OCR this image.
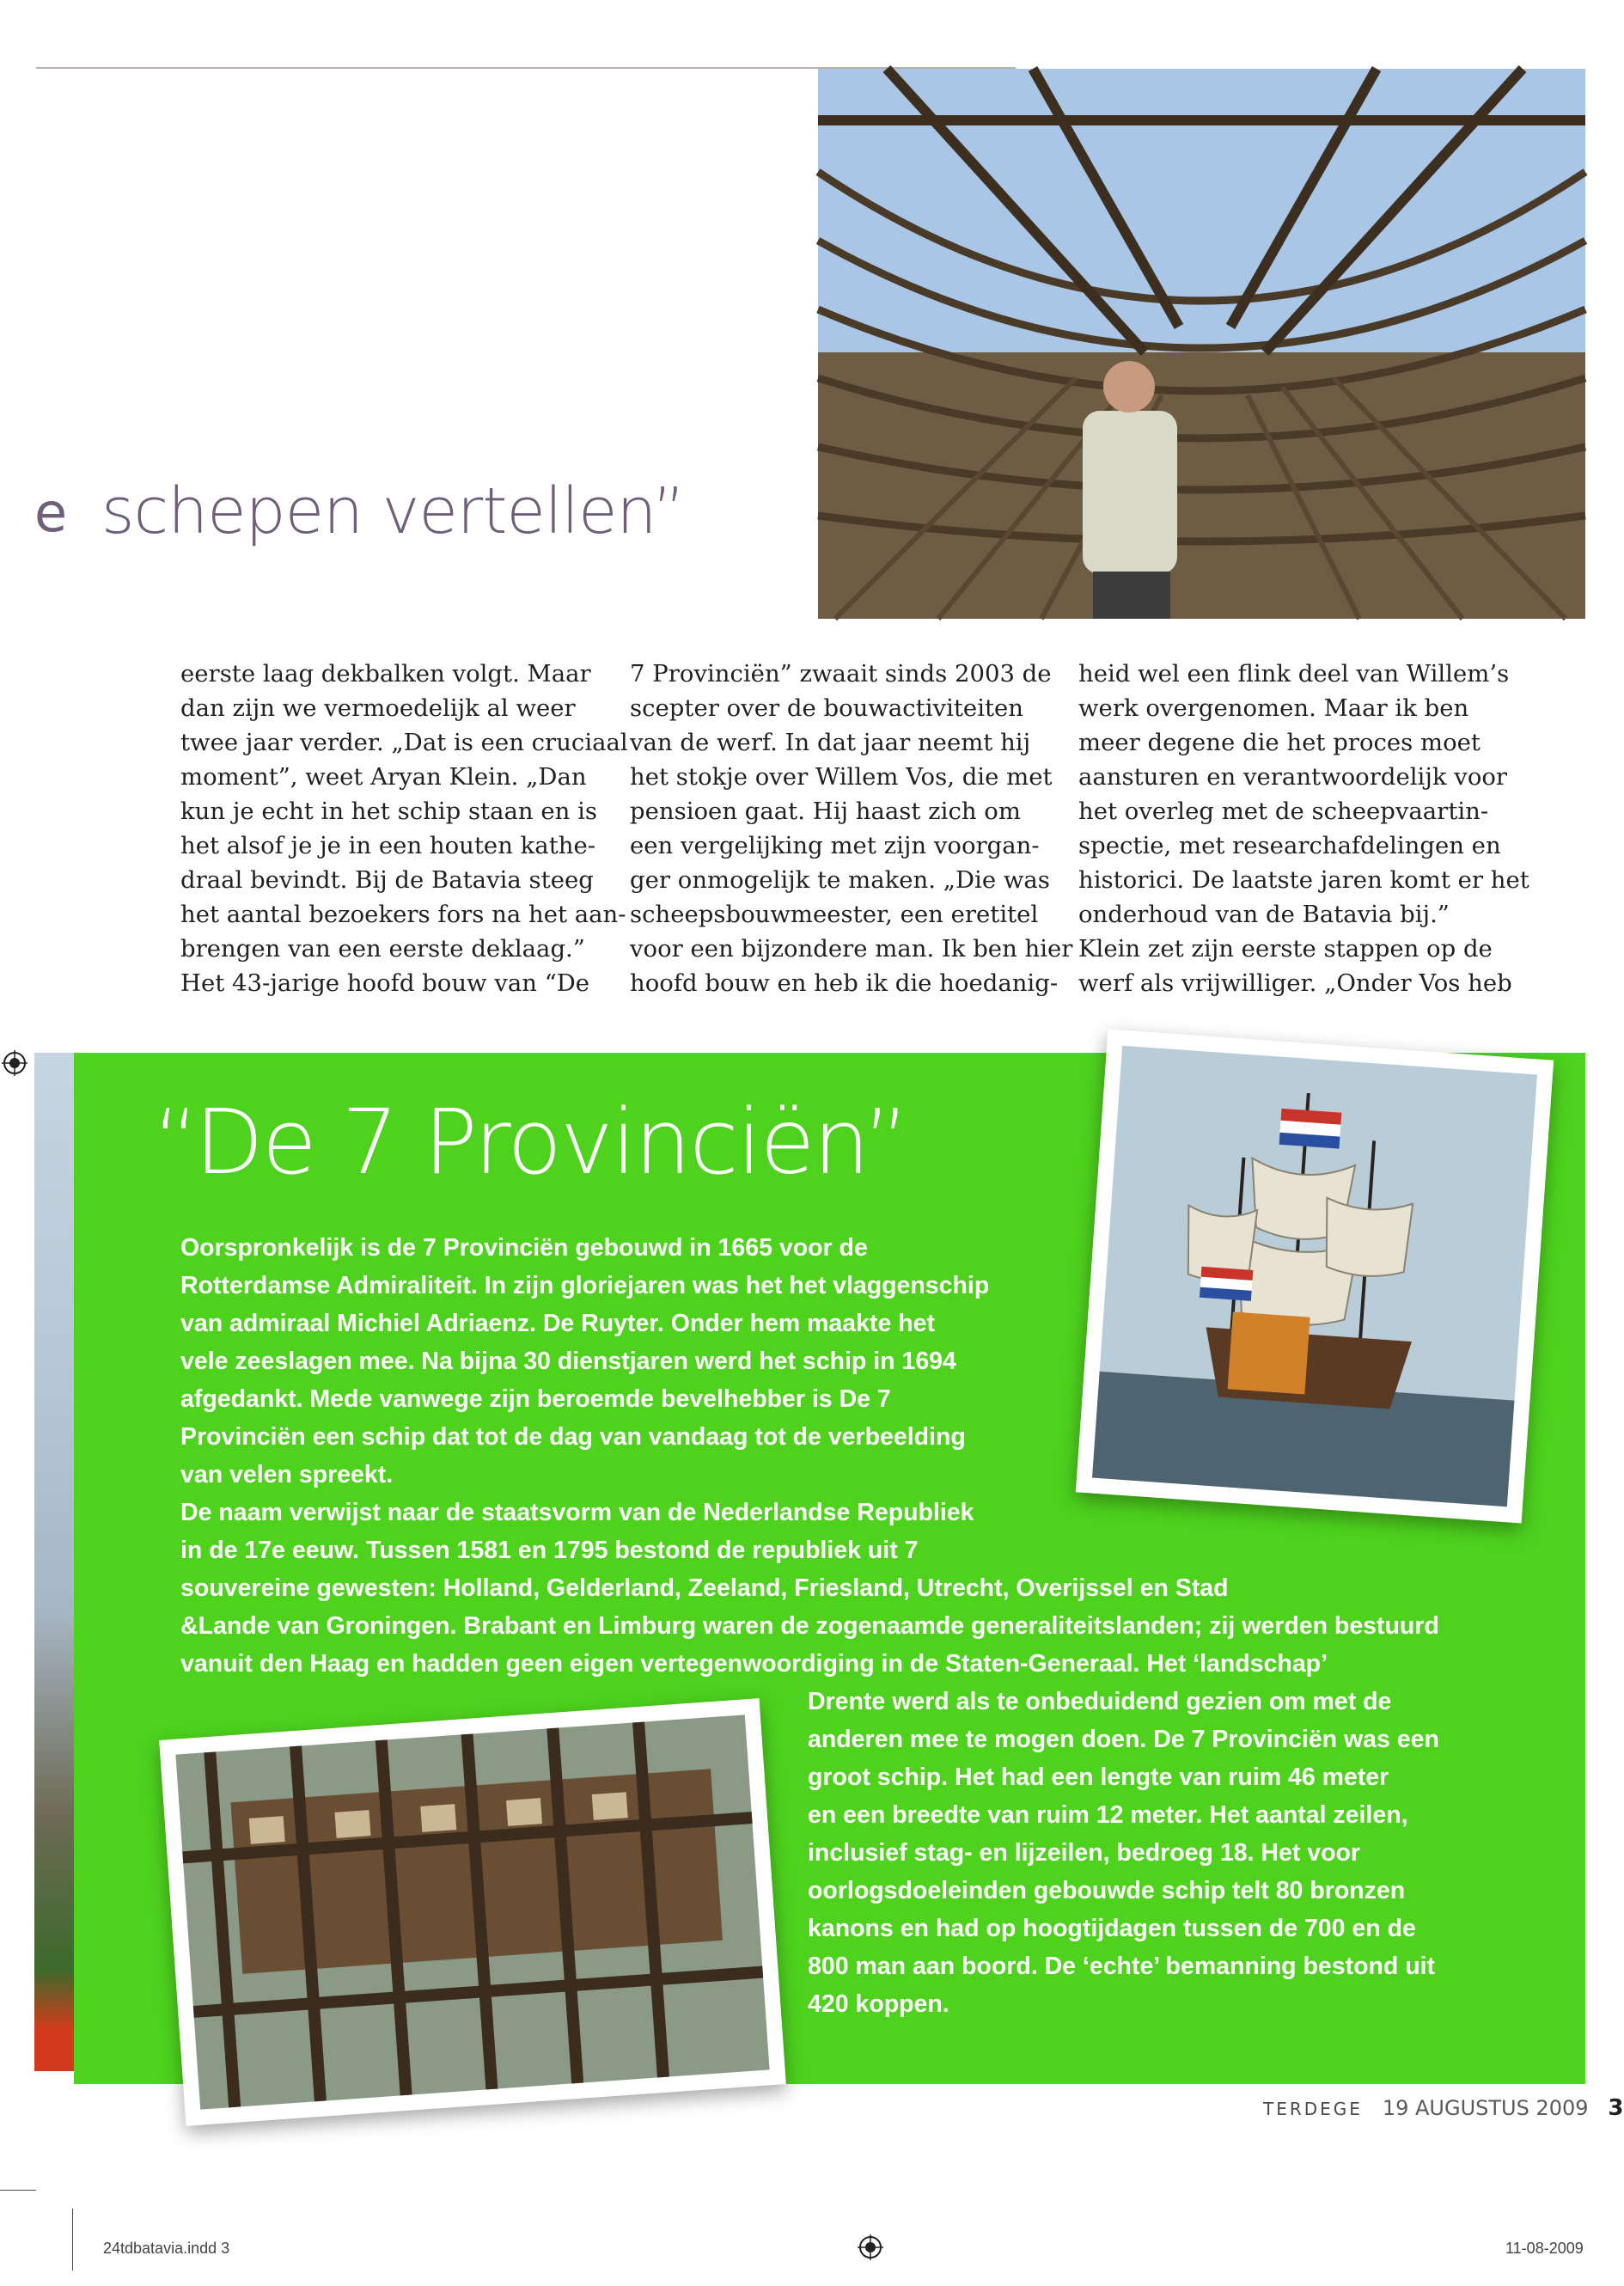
e schepen vertellen”

eerste laag dekbalken volgt. Maar

dan zijn we vermoedelijk al weer

twee jaar verder. „Dat is een cruciaal

moment”, weet Aryan Klein. „Dan

kun je echt in het schip staan en is

het alsof je je in een houten kathe-

draal bevindt. Bij de Batavia steeg

het aantal bezoekers fors na het aan-

brengen van een eerste deklaag.”

Het 43-jarige hoofd bouw van “De

7 Provinciën” zwaait sinds 2003 de

scepter over de bouwactiviteiten

van de werf. In dat jaar neemt hij

het stokje over Willem Vos, die met

pensioen gaat. Hij haast zich om

een vergelijking met zijn voorgan-

ger onmogelijk te maken. „Die was

scheepsbouwmeester, een eretitel

voor een bijzondere man. Ik ben hier

hoofd bouw en heb ik die hoedanig-

heid wel een flink deel van Willem’s

werk overgenomen. Maar ik ben

meer degene die het proces moet

aansturen en verantwoordelijk voor

het overleg met de scheepvaartin-

spectie, met researchafdelingen en

historici. De laatste jaren komt er het

onderhoud van de Batavia bij.”

Klein zet zijn eerste stappen op de

werf als vrijwilliger. „Onder Vos heb

“De 7 Provinciën”

Oorspronkelijk is de 7 Provinciën gebouwd in 1665 voor de

Rotterdamse Admiraliteit. In zijn gloriejaren was het het vlaggenschip

van admiraal Michiel Adriaenz. De Ruyter. Onder hem maakte het

vele zeeslagen mee. Na bijna 30 dienstjaren werd het schip in 1694

afgedankt. Mede vanwege zijn beroemde bevelhebber is De 7

Provinciën een schip dat tot de dag van vandaag tot de verbeelding

van velen spreekt.

De naam verwijst naar de staatsvorm van de Nederlandse Republiek

in de 17e eeuw. Tussen 1581 en 1795 bestond de republiek uit 7

souvereine gewesten: Holland, Gelderland, Zeeland, Friesland, Utrecht, Overijssel en Stad

&Lande van Groningen. Brabant en Limburg waren de zogenaamde generaliteitslanden; zij werden bestuurd

vanuit den Haag en hadden geen eigen vertegenwoordiging in de Staten-Generaal. Het ‘landschap’

Drente werd als te onbeduidend gezien om met de

anderen mee te mogen doen. De 7 Provinciën was een

groot schip. Het had een lengte van ruim 46 meter

en een breedte van ruim 12 meter. Het aantal zeilen,

inclusief stag- en lijzeilen, bedroeg 18. Het voor

oorlogsdoeleinden gebouwde schip telt 80 bronzen

kanons en had op hoogtijdagen tussen de 700 en de

800 man aan boord. De ‘echte’ bemanning bestond uit

420 koppen.

TERDEGE 19 AUGUSTUS 2009 3
24tdbatavia.indd 3	11-08-2009
